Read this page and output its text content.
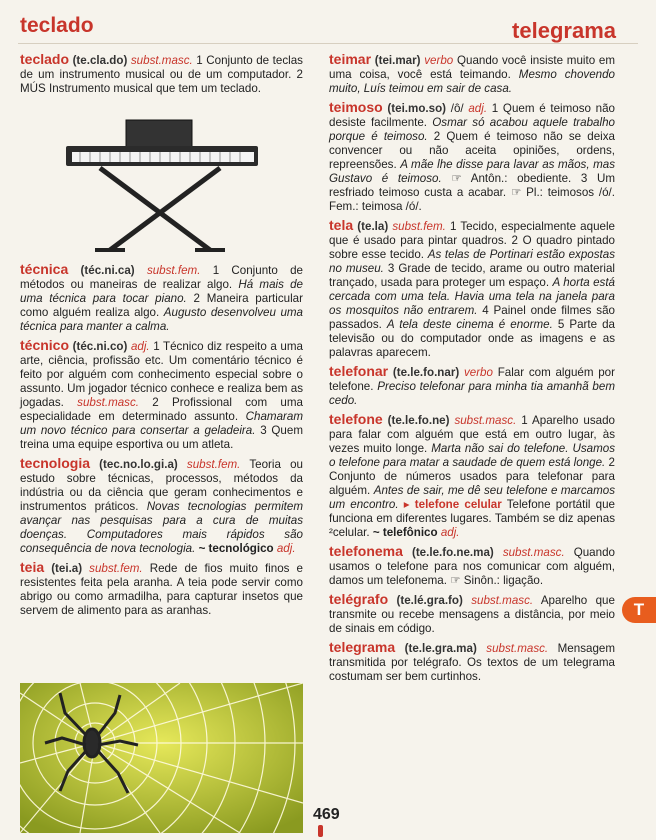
teclado	telegrama

teclado (te.cla.do) subst.masc. 1 Conjunto de teclas de um instrumento musical ou de um computador. 2 MÚS Instrumento musical que tem um teclado.

técnica (téc.ni.ca) subst.fem. 1 Conjunto de métodos ou maneiras de realizar algo. Há mais de uma técnica para tocar piano. 2 Maneira particular como alguém realiza algo. Augusto desenvolveu uma técnica para manter a calma.

técnico (téc.ni.co) adj. 1 Técnico diz respeito a uma arte, ciência, profissão etc. Um comentário técnico é feito por alguém com conhecimento especial sobre o assunto. Um jogador técnico conhece e realiza bem as jogadas. subst.masc. 2 Profissional com uma especialidade em determinado assunto. Chamaram um novo técnico para consertar a geladeira. 3 Quem treina uma equipe esportiva ou um atleta.

tecnologia (tec.no.lo.gi.a) subst.fem. Teoria ou estudo sobre técnicas, processos, métodos da indústria ou da ciência que geram conhecimentos e instrumentos práticos. Novas tecnologias permitem avançar nas pesquisas para a cura de muitas doenças. Computadores mais rápidos são consequência de nova tecnologia. ~ tecnológico adj.

teia (tei.a) subst.fem. Rede de fios muito finos e resistentes feita pela aranha. A teia pode servir como abrigo ou como armadilha, para capturar insetos que servem de alimento para as aranhas.

teimar (tei.mar) verbo Quando você insiste muito em uma coisa, você está teimando. Mesmo chovendo muito, Luís teimou em sair de casa.

teimoso (tei.mo.so) /ô/ adj. 1 Quem é teimoso não desiste facilmente. Osmar só acabou aquele trabalho porque é teimoso. 2 Quem é teimoso não se deixa convencer ou não aceita opiniões, ordens, repreensões. A mãe lhe disse para lavar as mãos, mas Gustavo é teimoso. ☞ Antôn.: obediente. 3 Um resfriado teimoso custa a acabar. ☞ Pl.: teimosos /ó/. Fem.: teimosa /ó/.

tela (te.la) subst.fem. 1 Tecido, especialmente aquele que é usado para pintar quadros. 2 O quadro pintado sobre esse tecido. As telas de Portinari estão expostas no museu. 3 Grade de tecido, arame ou outro material trançado, usada para proteger um espaço. A horta está cercada com uma tela. Havia uma tela na janela para os mosquitos não entrarem. 4 Painel onde filmes são passados. A tela deste cinema é enorme. 5 Parte da televisão ou do computador onde as imagens e as palavras aparecem.

telefonar (te.le.fo.nar) verbo Falar com alguém por telefone. Preciso telefonar para minha tia amanhã bem cedo.

telefone (te.le.fo.ne) subst.masc. 1 Aparelho usado para falar com alguém que está em outro lugar, às vezes muito longe. Marta não sai do telefone. Usamos o telefone para matar a saudade de quem está longe. 2 Conjunto de números usados para telefonar para alguém. Antes de sair, me dê seu telefone e marcamos um encontro. ▸ telefone celular Telefone portátil que funciona em diferentes lugares. Também se diz apenas ²celular. ~ telefônico adj.

telefonema (te.le.fo.ne.ma) subst.masc. Quando usamos o telefone para nos comunicar com alguém, damos um telefonema. ☞ Sinôn.: ligação.

telégrafo (te.lé.gra.fo) subst.masc. Aparelho que transmite ou recebe mensagens a distância, por meio de sinais em código.

telegrama (te.le.gra.ma) subst.masc. Mensagem transmitida por telégrafo. Os textos de um telegrama costumam ser bem curtinhos.

T
469
